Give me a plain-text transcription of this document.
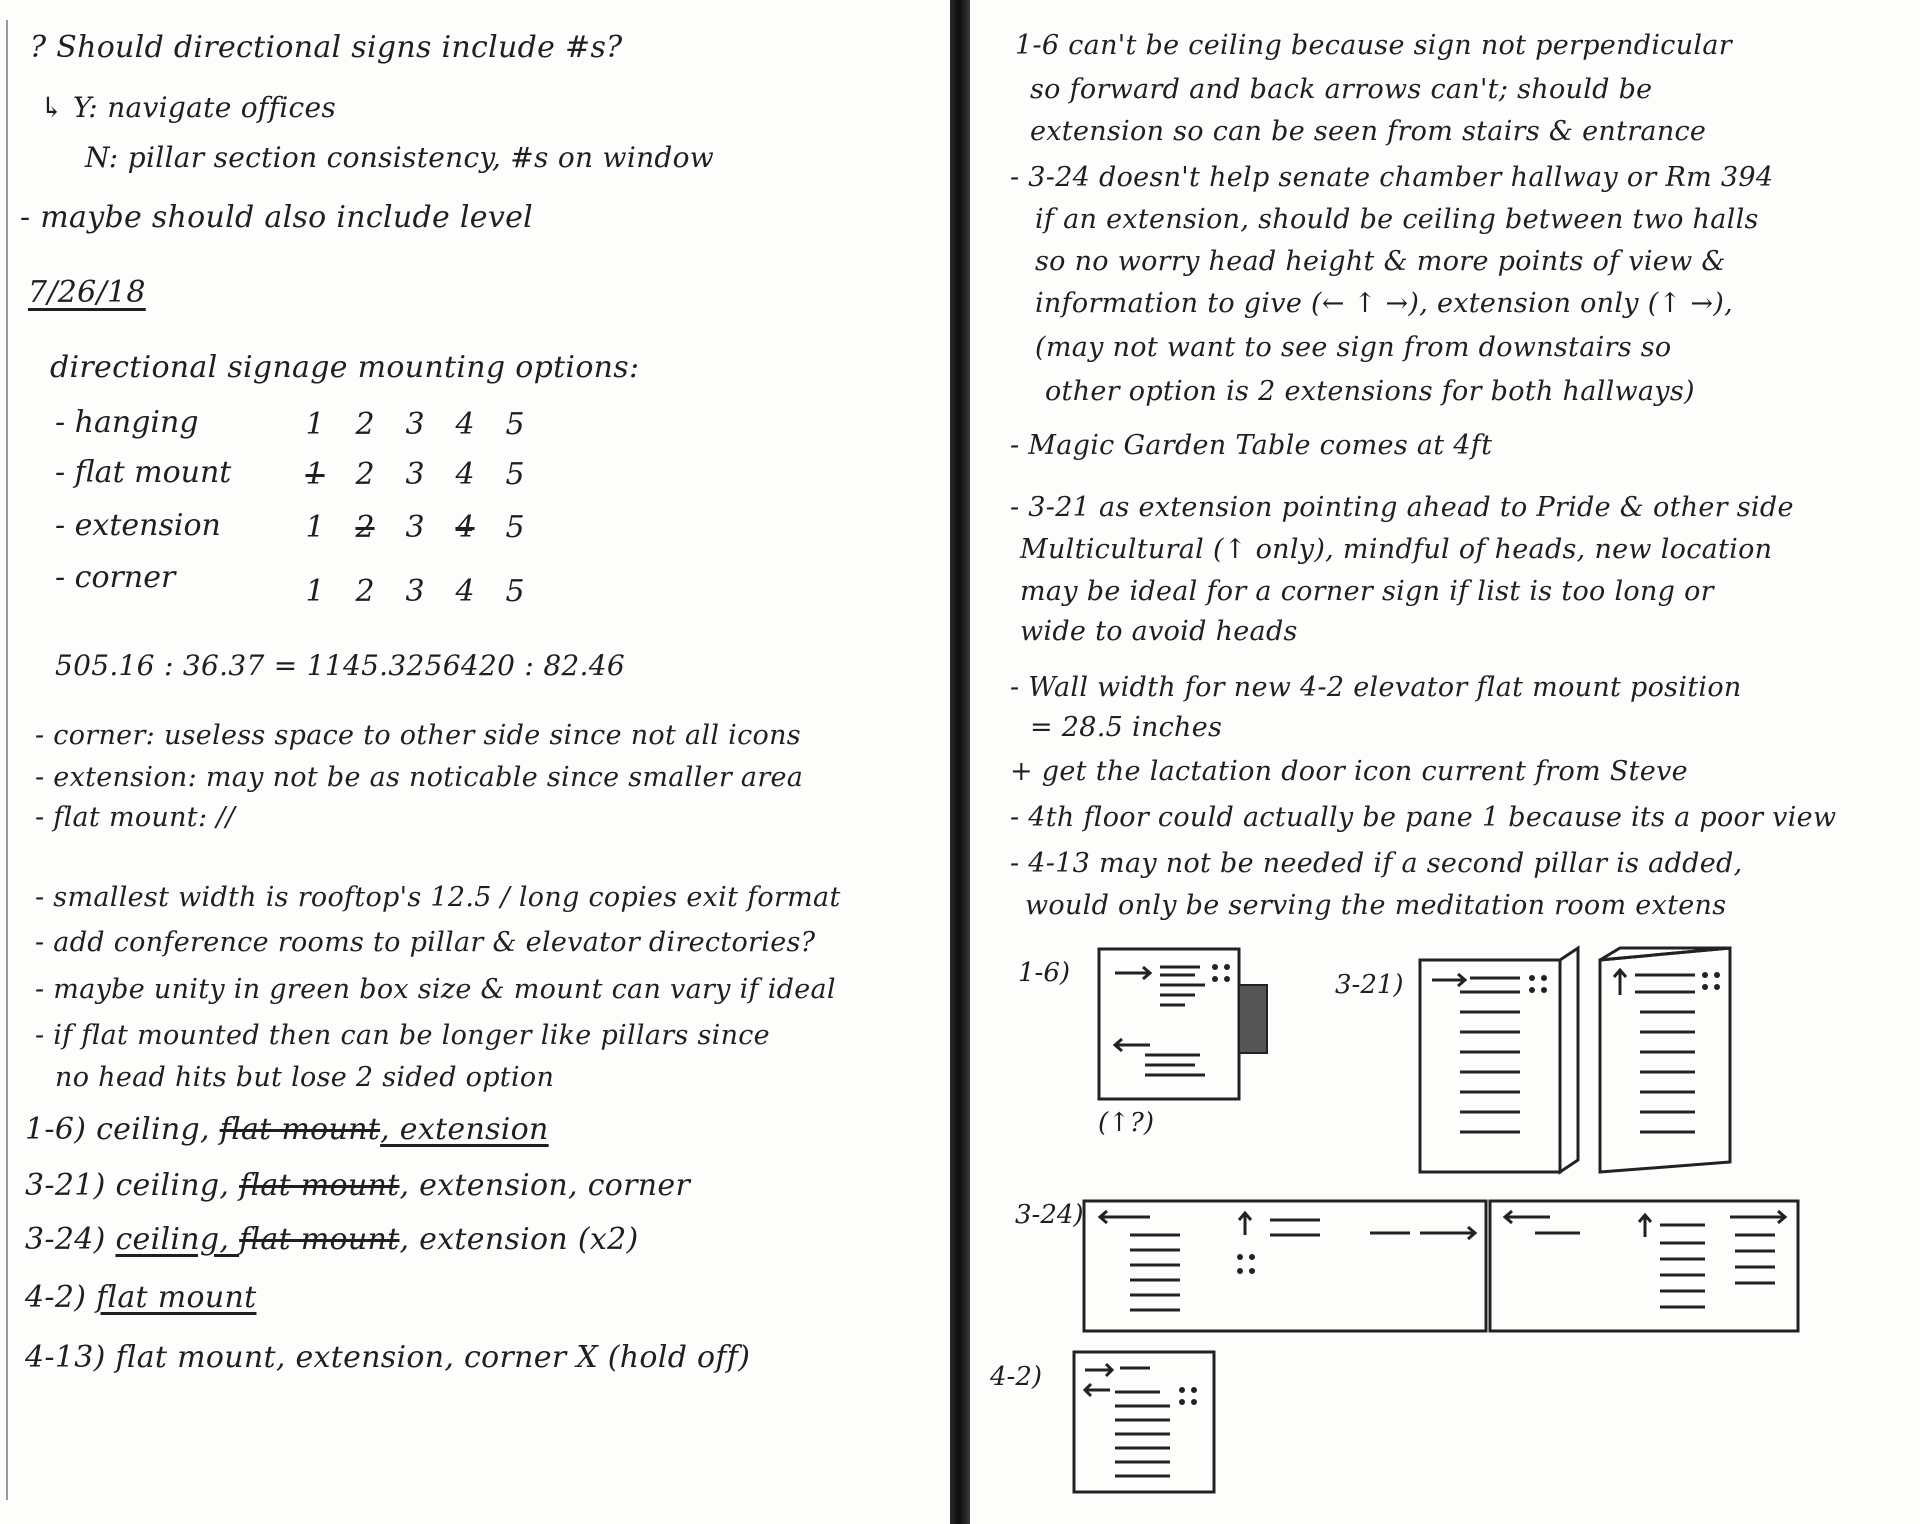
? Should directional signs include #s?
↳ Y: navigate offices
N: pillar section consistency, #s on window
- maybe should also include level
7/26/18
directional signage mounting options:
- hanging	1	2	3	4	5
- flat mount	1	2	3	4	5
- extension	1	2	3	4	5
- corner	1	2	3	4	5
505.16 : 36.37 = 1145.3256420 : 82.46
- corner: useless space to other side since not all icons
- extension: may not be as noticable since smaller area
- flat mount: //
- smallest width is rooftop's 12.5 / long copies exit format
- add conference rooms to pillar & elevator directories?
- maybe unity in green box size & mount can vary if ideal
- if flat mounted then can be longer like pillars since
no head hits but lose 2 sided option
1-6) ceiling, flat mount, extension
3-21) ceiling, flat mount, extension, corner
3-24) ceiling, flat mount, extension (x2)
4-2) flat mount
4-13) flat mount, extension, corner X (hold off)
1-6 can't be ceiling because sign not perpendicular
so forward and back arrows can't; should be
extension so can be seen from stairs & entrance
- 3-24 doesn't help senate chamber hallway or Rm 394
if an extension, should be ceiling between two halls
so no worry head height & more points of view &
information to give (← ↑ →), extension only (↑ →),
(may not want to see sign from downstairs so
other option is 2 extensions for both hallways)
- Magic Garden Table comes at 4ft
- 3-21 as extension pointing ahead to Pride & other side
Multicultural (↑ only), mindful of heads, new location
may be ideal for a corner sign if list is too long or
wide to avoid heads
- Wall width for new 4-2 elevator flat mount position
= 28.5 inches
+ get the lactation door icon current from Steve
- 4th floor could actually be pane 1 because its a poor view
- 4-13 may not be needed if a second pillar is added,
would only be serving the meditation room extens
1-6)
(↑?)
3-21)
3-24)
4-2)
